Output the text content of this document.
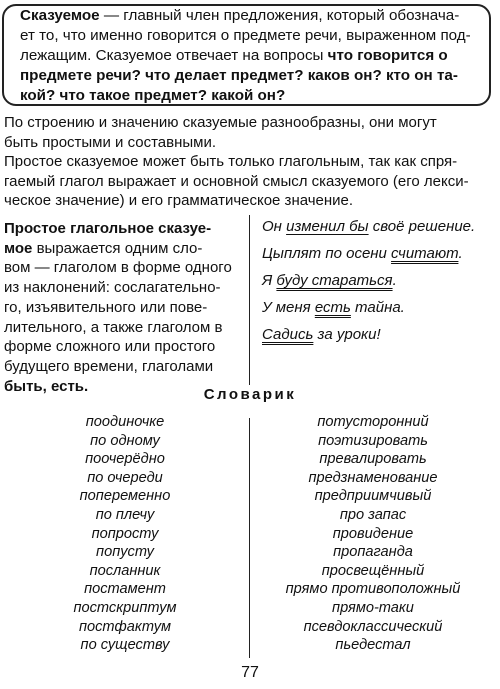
Сказуемое — главный член предложения, который обознача-
ет то, что именно говорится о предмете речи, выраженном под-
лежащим. Сказуемое отвечает на вопросы что говорится о
предмете речи? что делает предмет? каков он? кто он та-
кой? что такое предмет? какой он?
По строению и значению сказуемые разнообразны, они могут
быть простыми и составными.
Простое сказуемое может быть только глагольным, так как спря-
гаемый глагол выражает и основной смысл сказуемого (его лекси-
ческое значение) и его грамматическое значение.
Простое глагольное сказуе-
мое выражается одним сло-
вом — глаголом в форме одного
из наклонений: сослагательно-
го, изъявительного или пове-
лительного, а также глаголом в
форме сложного или простого
будущего времени, глаголами
быть, есть.
Он изменил бы своё решение.
Цыплят по осени считают.
Я буду стараться.
У меня есть тайна.
Садись за уроки!
Словарик
поодиночке
по одному
поочерёдно
по очереди
попеременно
по плечу
попросту
попусту
посланник
постамент
постскриптум
постфактум
по существу
потусторонний
поэтизировать
превалировать
предзнаменование
предприимчивый
про запас
провидение
пропаганда
просвещённый
прямо противоположный
прямо-таки
псевдоклассический
пьедестал
77
